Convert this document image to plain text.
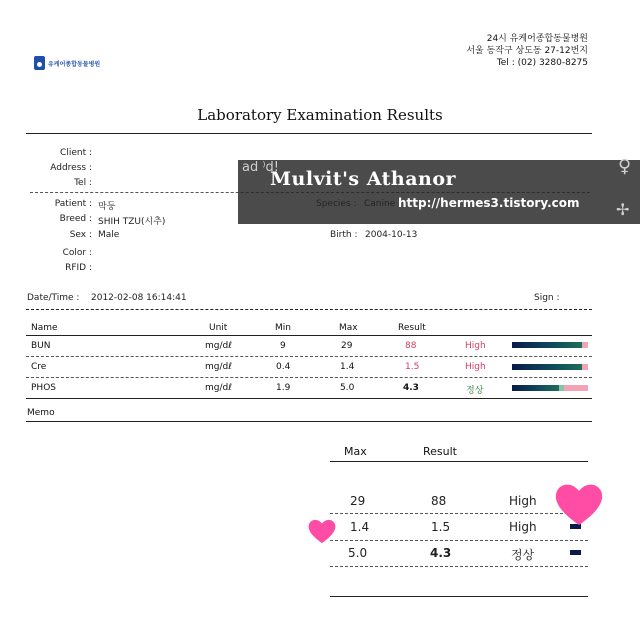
유케어종합동물병원
24시 유케어종합동물병원
서울 동작구 상도동 27-12번지
Tel : (02) 3280-8275
Laboratory Examination Results
Client :
Address :
Tel :
Patient : 막둥
Breed : SHIH TZU(시추)
Sex : Male
Color :
RFID :
Birth : 2004-10-13
Date/Time : 2012-02-08 16:14:41	Sign :
Name	Unit	Min	Max	Result
BUN	mg/dℓ	9	29	88	High
Cre	mg/dℓ	0.4	1.4	1.5	High
PHOS	mg/dℓ	1.9	5.0	4.3	정상
Memo
ad ⁾d!	♀
✢
Mulvit's Athanor
http://hermes3.tistory.com
Max	Result
29	88	High
1.4	1.5	High
5.0	4.3	정상
